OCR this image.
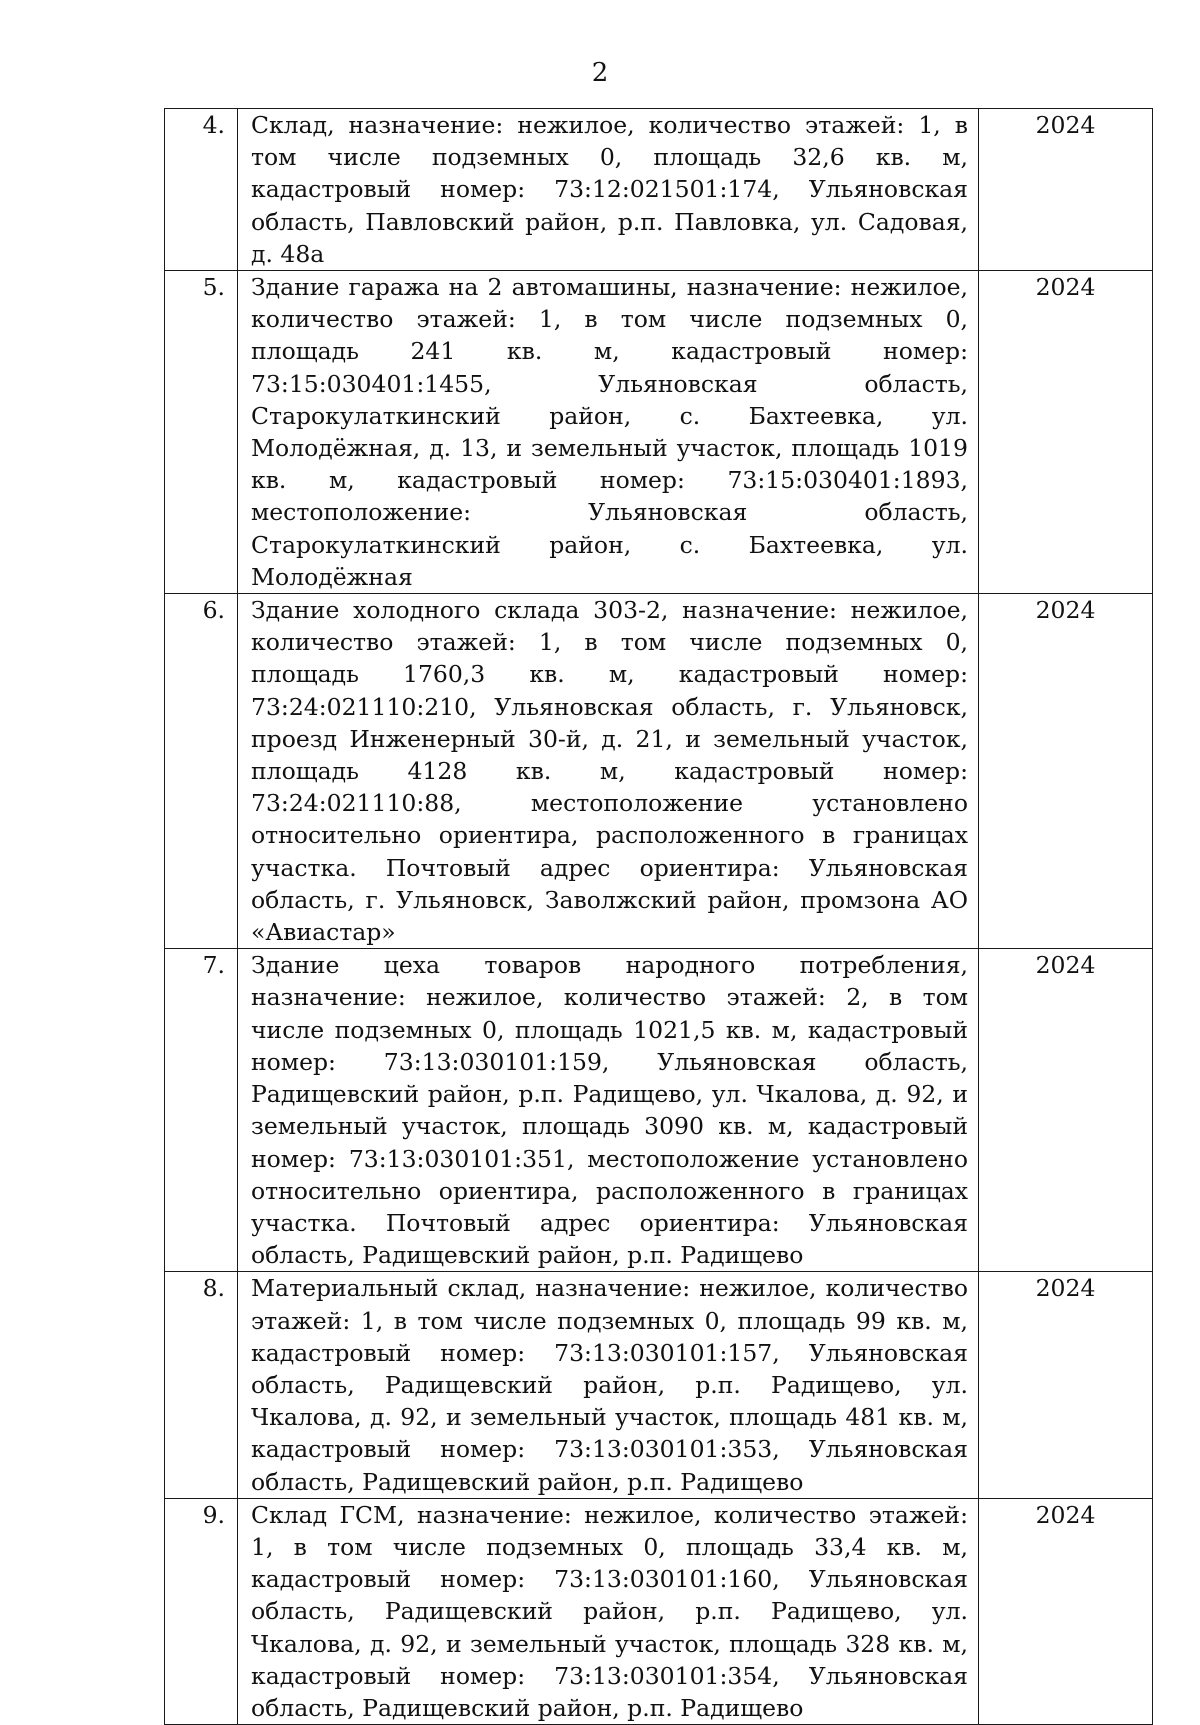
2
4.	Склад, назначение: нежилое, количество этажей: 1, в том числе подземных 0, площадь 32,6 кв. м, кадастровый номер: 73:12:021501:174, Ульяновская область, Павловский район, р.п. Павловка, ул. Садовая, д. 48а	2024
5.	Здание гаража на 2 автомашины, назначение: нежилое, количество этажей: 1, в том числе подземных 0, площадь 241 кв. м, кадастровый номер: 73:15:030401:1455, Ульяновская область, Старокулаткинский район, с. Бахтеевка, ул. Молодёжная, д. 13, и земельный участок, площадь 1019 кв. м, кадастровый номер: 73:15:030401:1893, местоположение: Ульяновская область, Старокулаткинский район, с. Бахтеевка, ул. Молодёжная	2024
6.	Здание холодного склада 303-2, назначение: нежилое, количество этажей: 1, в том числе подземных 0, площадь 1760,3 кв. м, кадастровый номер: 73:24:021110:210, Ульяновская область, г. Ульяновск, проезд Инженерный 30-й, д. 21, и земельный участок, площадь 4128 кв. м, кадастровый номер: 73:24:021110:88, местоположение установлено относительно ориентира, расположенного в границах участка. Почтовый адрес ориентира: Ульяновская область, г. Ульяновск, Заволжский район, промзона АО «Авиастар»	2024
7.	Здание цеха товаров народного потребления, назначение: нежилое, количество этажей: 2, в том числе подземных 0, площадь 1021,5 кв. м, кадастровый номер: 73:13:030101:159, Ульяновская область, Радищевский район, р.п. Радищево, ул. Чкалова, д. 92, и земельный участок, площадь 3090 кв. м, кадастровый номер: 73:13:030101:351, местоположение установлено относительно ориентира, расположенного в границах участка. Почтовый адрес ориентира: Ульяновская область, Радищевский район, р.п. Радищево	2024
8.	Материальный склад, назначение: нежилое, количество этажей: 1, в том числе подземных 0, площадь 99 кв. м, кадастровый номер: 73:13:030101:157, Ульяновская область, Радищевский район, р.п. Радищево, ул. Чкалова, д. 92, и земельный участок, площадь 481 кв. м, кадастровый номер: 73:13:030101:353, Ульяновская область, Радищевский район, р.п. Радищево	2024
9.	Склад ГСМ, назначение: нежилое, количество этажей: 1, в том числе подземных 0, площадь 33,4 кв. м, кадастровый номер: 73:13:030101:160, Ульяновская область, Радищевский район, р.п. Радищево, ул. Чкалова, д. 92, и земельный участок, площадь 328 кв. м, кадастровый номер: 73:13:030101:354, Ульяновская область, Радищевский район, р.п. Радищево	2024
